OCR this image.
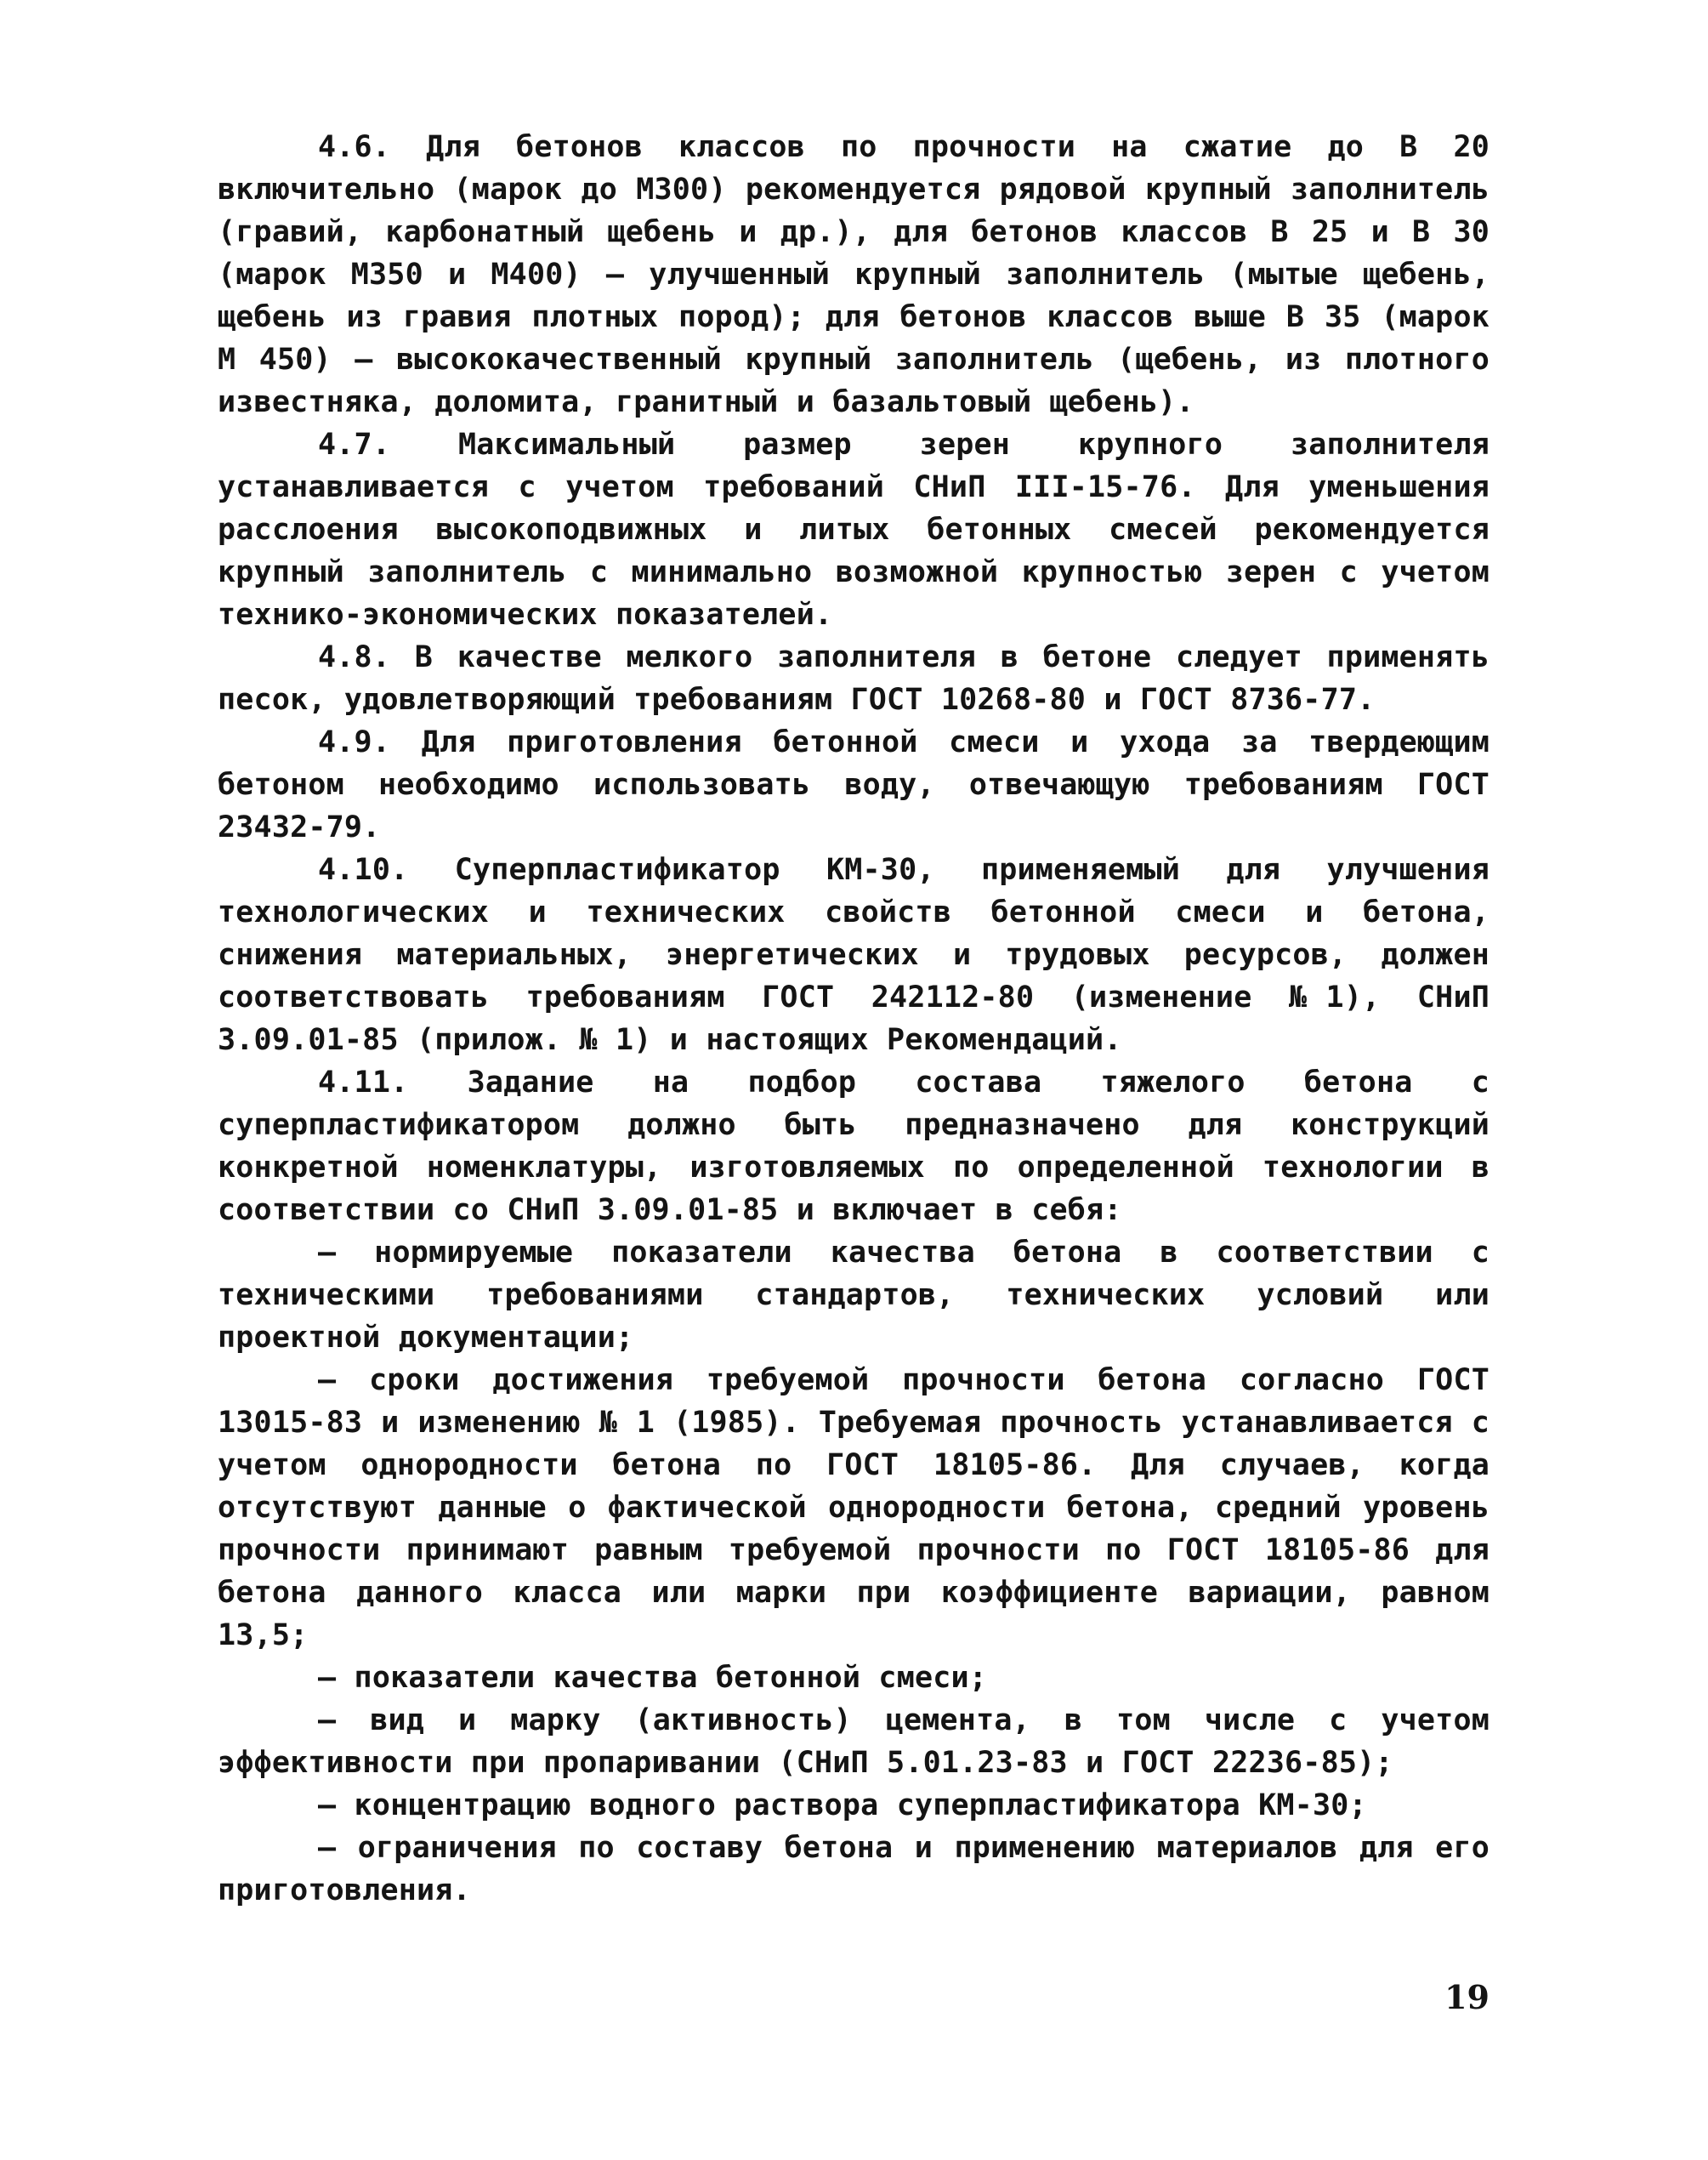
4.6. Для бетонов классов по прочности на сжатие до В 20 включительно (марок до М300) рекомендуется рядовой крупный заполнитель (гравий, карбонатный щебень и др.), для бетонов классов В 25 и В 30 (марок М350 и М400) – улучшенный крупный заполнитель (мытые щебень, щебень из гравия плотных пород); для бетонов классов выше В 35 (марок М 450) – высококачественный крупный заполнитель (щебень, из плотного известняка, доломита, гранитный и базальтовый щебень).

4.7. Максимальный размер зерен крупного заполнителя устанавливается с учетом требований СНиП III-15-76. Для уменьшения расслоения высокоподвижных и литых бетонных смесей рекомендуется крупный заполнитель с минимально возможной крупностью зерен с учетом технико-экономических показателей.

4.8. В качестве мелкого заполнителя в бетоне следует применять песок, удовлетворяющий требованиям ГОСТ 10268-80 и ГОСТ 8736-77.

4.9. Для приготовления бетонной смеси и ухода за твердеющим бетоном необходимо использовать воду, отвечающую требованиям ГОСТ 23432-79.

4.10. Суперпластификатор КМ-30, применяемый для улучшения технологических и технических свойств бетонной смеси и бетона, снижения материальных, энергетических и трудовых ресурсов, должен соответствовать требованиям ГОСТ 242112-80 (изменение №1), СНиП 3.09.01-85 (прилож. № 1) и настоящих Рекомендаций.

4.11. Задание на подбор состава тяжелого бетона с суперпластификатором должно быть предназначено для конструкций конкретной номенклатуры, изготовляемых по определенной технологии в соответствии со СНиП 3.09.01-85 и включает в себя:

– нормируемые показатели качества бетона в соответствии с техническими требованиями стандартов, технических условий или проектной документации;

– сроки достижения требуемой прочности бетона согласно ГОСТ 13015-83 и изменению № 1 (1985). Требуемая прочность устанавливается с учетом однородности бетона по ГОСТ 18105-86. Для случаев, когда отсутствуют данные о фактической однородности бетона, средний уровень прочности принимают равным требуемой прочности по ГОСТ 18105-86 для бетона данного класса или марки при коэффициенте вариации, равном 13,5;

– показатели качества бетонной смеси;

– вид и марку (активность) цемента, в том числе с учетом эффективности при пропаривании (СНиП 5.01.23-83 и ГОСТ 22236-85);

– концентрацию водного раствора суперпластификатора КМ-30;

– ограничения по составу бетона и применению материалов для его приготовления.

19
